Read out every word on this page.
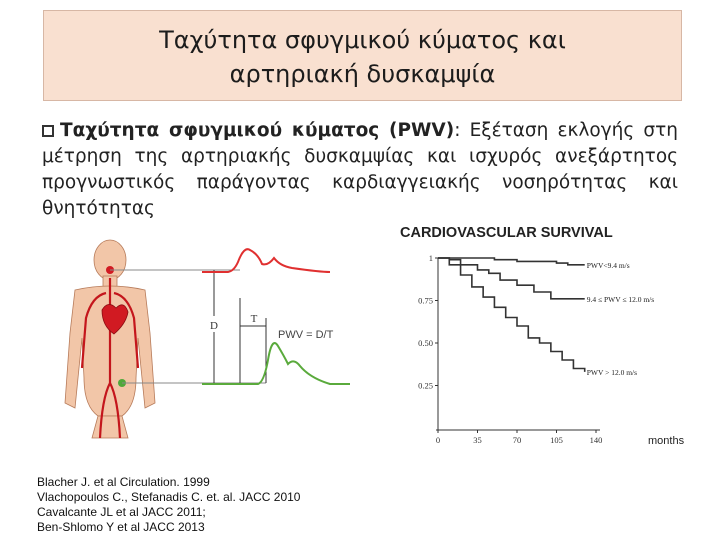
Ταχύτητα σφυγμικού κύματος και
αρτηριακή δυσκαμψία
Ταχύτητα σφυγμικού κύματος (PWV): Εξέταση εκλογής στη μέτρηση της αρτηριακής δυσκαμψίας και ισχυρός ανεξάρτητος προγνωστικός παράγοντας καρδιαγγειακής νοσηρότητας και θνητότητας
D
T
PWV = D/T
CARDIOVASCULAR SURVIVAL
0	35	70	105	140
0.25
0.50
0.75
1
PWV<9.4 m/s
9.4 ≤ PWV ≤ 12.0 m/s
PWV > 12.0 m/s
months
Blacher J. et al Circulation. 1999
Vlachopoulos C., Stefanadis C. et. al. JACC 2010
Cavalcante JL et al JACC 2011;
Ben-Shlomo Y et al JACC 2013
